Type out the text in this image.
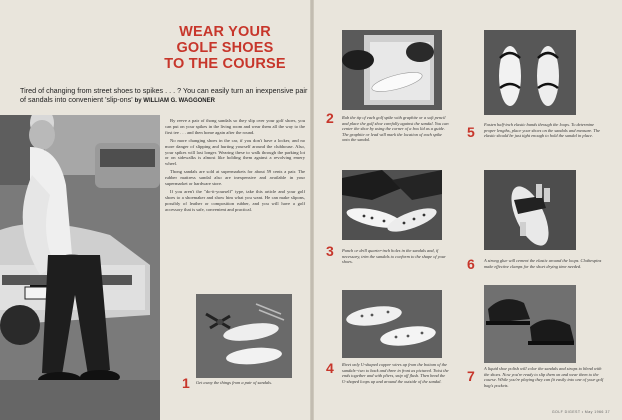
WEAR YOUR
GOLF SHOES
TO THE COURSE
Tired of changing from street shoes to spikes . . . ? You can easily turn an inexpensive pair of sandals into convenient 'slip-ons' by WILLIAM G. WAGGONER

By reeve a pair of thong sandals so they slip over your golf shoes, you can put on your spikes in the living room and wear them all the way to the first tee . . . and then home again after the round.

No more changing shoes in the car, if you don't have a locker, and no more danger of slipping and hurting yourself around the clubhouse. Also, your spikes will last longer. Wearing these to walk through the parking lot or on sidewalks is almost like holding them against a revolving emery wheel.

Thong sandals are sold at supermarkets for about 59 cents a pair. The rubber mattress sandal also are inexpensive and available in your supermarket or hardware store.

If you aren't the "do-it-yourself" type, take this article and your golf shoes to a shoemaker and show him what you want. He can make slipons, possibly of leather or composition rubber, and you will have a golf accessory that is safe, convenient and practical.

1 Get away the things from a pair of sandals.
2 Rub the tip of each golf spike with graphite or a soft pencil and place the golf shoe carefully against the sandal. You can center the shoe by using the corner of a box lid as a guide. The graphite or lead will mark the location of each spike onto the sandal.
3 Punch or drill quarter-inch holes in the sandals and, if necessary, trim the sandals to conform to the shape of your shoes.
4 Rivet only U-shaped copper wires up from the bottom of the sandals--two to back and three in front as pictured. Twist the ends together and with pliers, snip off flush. Then bend the U-shaped loops up and around the outside of the sandal.
5 Fasten half-inch elastic bands through the loops. To determine proper lengths, place your shoes on the sandals and measure. The elastic should be just tight enough to hold the sandal in place.
6 A strong glue will cement the elastic around the loops. Clothespins make effective clamps for the short drying time needed.
7 A liquid shoe polish will color the sandals and straps to blend with the shoes. Now you're ready to slip them on and wear them to the course. While you're playing they can fit easily into one of your golf bag's pockets.
GOLF DIGEST • May 1966 37
